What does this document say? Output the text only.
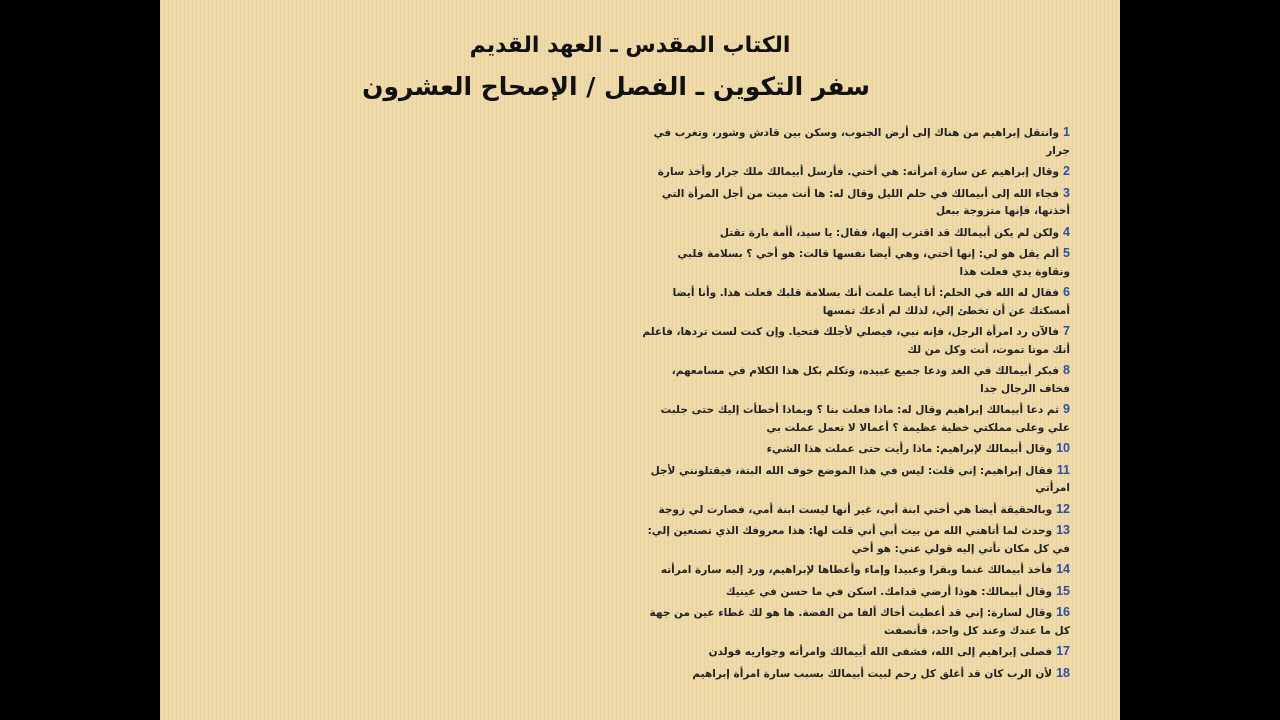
الكتاب المقدس ـ العهد القديم
سفر التكوين ـ الفصل / الإصحاح العشرون
1وانتقل إبراهيم من هناك إلى أرض الجنوب، وسكن بين قادش وشور، وتغرب في جرار
2وقال إبراهيم عن سارة امرأته: هي أختي. فأرسل أبيمالك ملك جرار وأخذ سارة
3فجاء الله إلى أبيمالك في حلم الليل وقال له: ها أنت ميت من أجل المرأة التي أخذتها، فإنها متزوجة ببعل
4ولكن لم يكن أبيمالك قد اقترب إليها، فقال: يا سيد، أأمة بارة تقتل
5ألم يقل هو لي: إنها أختي، وهي أيضا نفسها قالت: هو أخي ؟ بسلامة قلبي ونقاوة يدي فعلت هذا
6فقال له الله في الحلم: أنا أيضا علمت أنك بسلامة قلبك فعلت هذا. وأنا أيضا أمسكتك عن أن تخطئ إلي، لذلك لم أدعك تمسها
7فالآن رد امرأة الرجل، فإنه نبي، فيصلي لأجلك فتحيا. وإن كنت لست تردها، فاعلم أنك موتا تموت، أنت وكل من لك
8فبكر أبيمالك في الغد ودعا جميع عبيده، وتكلم بكل هذا الكلام في مسامعهم، فخاف الرجال جدا
9ثم دعا أبيمالك إبراهيم وقال له: ماذا فعلت بنا ؟ وبماذا أخطأت إليك حتى جلبت علي وعلى مملكتي خطية عظيمة ؟ أعمالا لا تعمل عملت بي
10وقال أبيمالك لإبراهيم: ماذا رأيت حتى عملت هذا الشيء
11فقال إبراهيم: إني قلت: ليس في هذا الموضع خوف الله البتة، فيقتلونني لأجل امرأتي
12وبالحقيقة أيضا هي أختي ابنة أبي، غير أنها ليست ابنة أمي، فصارت لي زوجة
13وحدث لما أتاهني الله من بيت أبي أني قلت لها: هذا معروفك الذي تصنعين إلي: في كل مكان نأتي إليه قولي عني: هو أخي
14فأخذ أبيمالك غنما وبقرا وعبيدا وإماء وأعطاها لإبراهيم، ورد إليه سارة امرأته
15وقال أبيمالك: هوذا أرضي قدامك. اسكن في ما حسن في عينيك
16وقال لسارة: إني قد أعطيت أخاك ألفا من الفضة. ها هو لك غطاء عين من جهة كل ما عندك وعند كل واحد، فأنصفت
17فصلى إبراهيم إلى الله، فشفى الله أبيمالك وامرأته وجواريه فولدن
18لأن الرب كان قد أغلق كل رحم لبيت أبيمالك بسبب سارة امرأة إبراهيم
